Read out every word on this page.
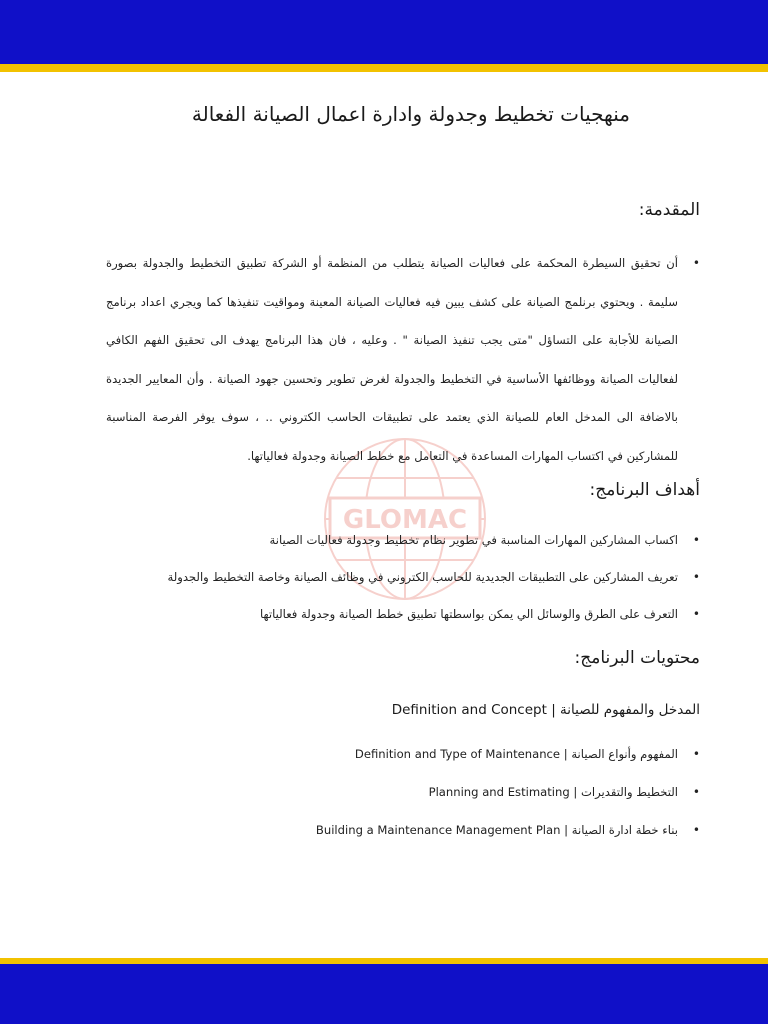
GLOMAC
منهجيات تخطيط وجدولة وادارة اعمال الصيانة الفعالة
المقدمة:
• أن تحقيق السيطرة المحكمة على فعاليات الصيانة يتطلب من المنظمة أو الشركة تطبيق التخطيط والجدولة بصورة سليمة . ويحتوي برنلمج الصيانة على كشف يبين فيه فعاليات الصيانة المعينة ومواقيت تنفيذها كما ويجري اعداد برنامج الصيانة للأجابة على التساؤل "متى يجب تنفيذ الصيانة " . وعليه ، فان هذا البرنامج يهدف الى تحقيق الفهم الكافي لفعاليات الصيانة ووظائفها الأساسية في التخطيط والجدولة لغرض تطوير وتحسين جهود الصيانة . وأن المعايير الجديدة بالاضافة الى المدخل العام للصيانة الذي يعتمد على تطبيقات الحاسب الكتروني .. ، سوف يوفر الفرصة المناسبة للمشاركين في اكتساب المهارات المساعدة في التعامل مع خطط الصيانة وجدولة فعالياتها.
أهداف البرنامج:
• اكساب المشاركين المهارات المناسبة في تطوير نظام تخطيط وجدولة فعاليات الصيانة
• تعريف المشاركين على التطبيقات الجديدية للحاسب الكتروني في وظائف الصيانة وخاصة التخطيط والجدولة
• التعرف على الطرق والوسائل الي يمكن بواسطتها تطبيق خطط الصيانة وجدولة فعالياتها
محتويات البرنامج:
المدخل والمفهوم للصيانة | Definition and Concept
• المفهوم وأنواع الصيانة | Definition and Type of Maintenance
• التخطيط والتقديرات | Planning and Estimating
• بناء خطة ادارة الصيانة | Building a Maintenance Management Plan
